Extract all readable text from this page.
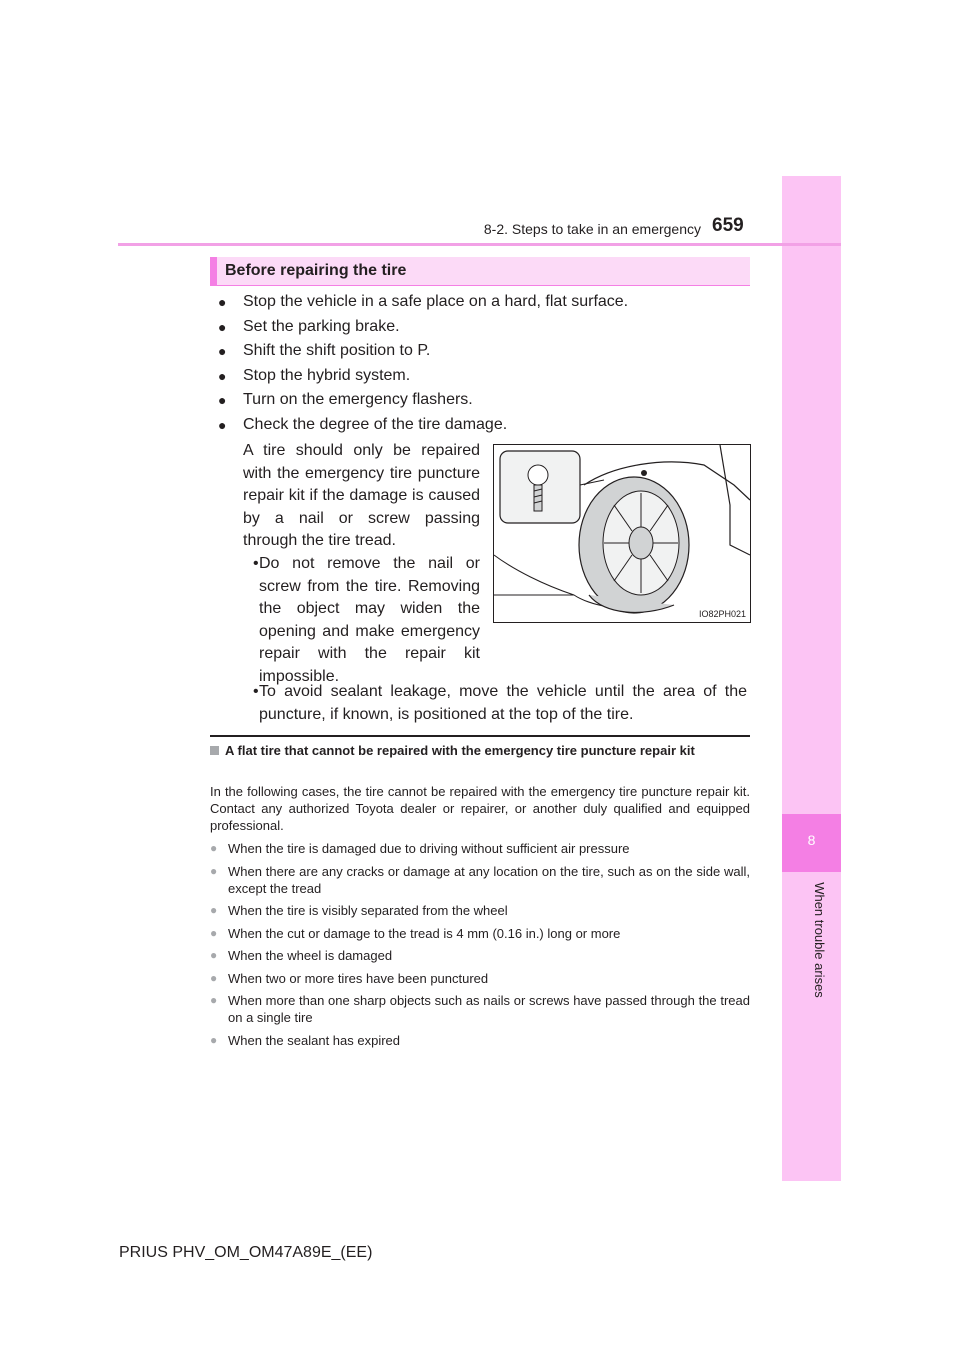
8
When trouble arises
8-2. Steps to take in an emergency 659
Before repairing the tire
●	Stop the vehicle in a safe place on a hard, flat surface.
●	Set the parking brake.
●	Shift the shift position to P.
●	Stop the hybrid system.
●	Turn on the emergency flashers.
●	Check the degree of the tire damage.
A tire should only be repaired with the emergency tire puncture repair kit if the damage is caused by a nail or screw passing through the tire tread.
• Do not remove the nail or screw from the tire. Removing the object may widen the opening and make emergency repair with the repair kit impossible.
• To avoid sealant leakage, move the vehicle until the area of the puncture, if known, is positioned at the top of the tire.
IO82PH021
A flat tire that cannot be repaired with the emergency tire puncture repair kit
In the following cases, the tire cannot be repaired with the emergency tire puncture repair kit. Contact any authorized Toyota dealer or repairer, or another duly qualified and equipped professional.
● When the tire is damaged due to driving without sufficient air pressure
● When there are any cracks or damage at any location on the tire, such as on the side wall, except the tread
● When the tire is visibly separated from the wheel
● When the cut or damage to the tread is 4 mm (0.16 in.) long or more
● When the wheel is damaged
● When two or more tires have been punctured
● When more than one sharp objects such as nails or screws have passed through the tread on a single tire
● When the sealant has expired
PRIUS PHV_OM_OM47A89E_(EE)
